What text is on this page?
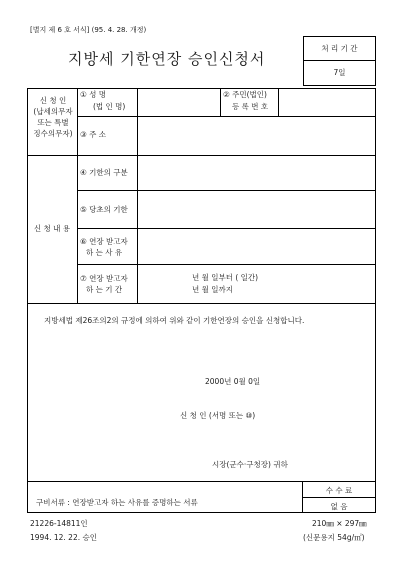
[별지 제 6 호 서식] (95. 4. 28. 개정)
지방세 기한연장 승인신청서
처 리 기 간
7일
신 청 인
(납세의무자
또는 특별
징수의무자)
① 성 명
(법 인 명)
② 주민(법인)
등 록 번 호
③ 주 소
신 청 내 용
④ 기한의 구분
⑤ 당초의 기한
⑥ 연장 받고자
하 는 사 유
⑦ 연장 받고자
하 는 기 간
년 월 일부터 ( 일간)
년 월 일까지
지방세법 제26조의2의 규정에 의하여 위와 같이 기한연장의 승인을 신청합니다.
2000년 0월 0일
신 청 인 (서명 또는 ⑩)
시장(군수·구청장) 귀하
구비서류 : 연장받고자 하는 사유를 증명하는 서류
수 수 료
없 음
21226-14811인	210㎜ × 297㎜
1994. 12. 22. 승인	(신문용지 54g/㎡)
